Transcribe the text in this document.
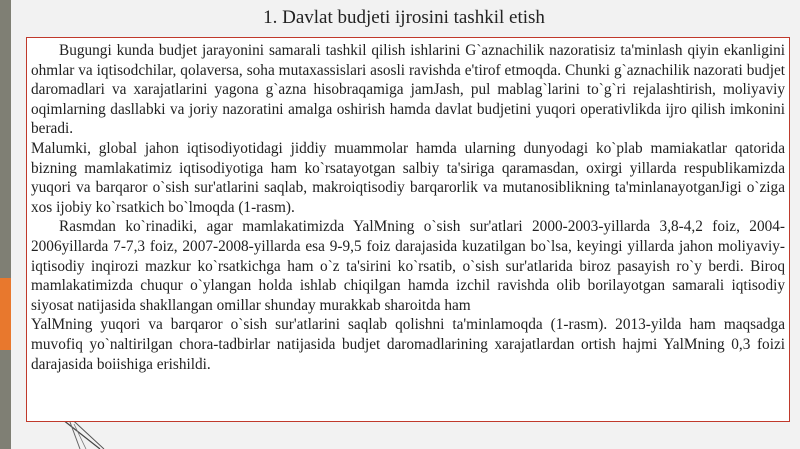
1. Davlat budjeti ijrosini tashkil etish

Bugungi kunda budjet jarayonini samarali tashkil qilish ishlarini G`aznachilik nazoratisiz ta'minlash qiyin ekanligini ohmlar va iqtisodchilar, qolaversa, soha mutaxassislari asosli ravishda e'tirof etmoqda. Chunki g`aznachilik nazorati budjet daromadlari va xarajatlarini yagona g`azna hisobraqamiga jamJash, pul mablag`larini to`g`ri rejalashtirish, moliyaviy oqimlarning dasllabki va joriy nazoratini amalga oshirish hamda davlat budjetini yuqori operativlikda ijro qilish imkonini beradi.

Malumki, global jahon iqtisodiyotidagi jiddiy muammolar hamda ularning dunyodagi ko`plab mamiakatlar qatorida bizning mamlakatimiz iqtisodiyotiga ham ko`rsatayotgan salbiy ta'siriga qaramasdan, oxirgi yillarda respublikamizda yuqori va barqaror o`sish sur'atlarini saqlab, makroiqtisodiy barqarorlik va mutanosiblikning ta'minlanayotganJigi o`ziga xos ijobiy ko`rsatkich bo`lmoqda (1-rasm).

Rasmdan ko`rinadiki, agar mamlakatimizda YalMning o`sish sur'atlari 2000-2003-yillarda 3,8-4,2 foiz, 2004-2006yillarda 7-7,3 foiz, 2007-2008-yillarda esa 9-9,5 foiz darajasida kuzatilgan bo`lsa, keyingi yillarda jahon moliyaviy-iqtisodiy inqirozi mazkur ko`rsatkichga ham o`z ta'sirini ko`rsatib, o`sish sur'atlarida biroz pasayish ro`y berdi. Biroq mamlakatimizda chuqur o`ylangan holda ishlab chiqilgan hamda izchil ravishda olib borilayotgan samarali iqtisodiy siyosat natijasida shakllangan omillar shunday murakkab sharoitda ham

YalMning yuqori va barqaror o`sish sur'atlarini saqlab qolishni ta'minlamoqda (1-rasm). 2013-yilda ham maqsadga muvofiq yo`naltirilgan chora-tadbirlar natijasida budjet daromadlarining xarajatlardan ortish hajmi YalMning 0,3 foizi darajasida boiishiga erishildi.
